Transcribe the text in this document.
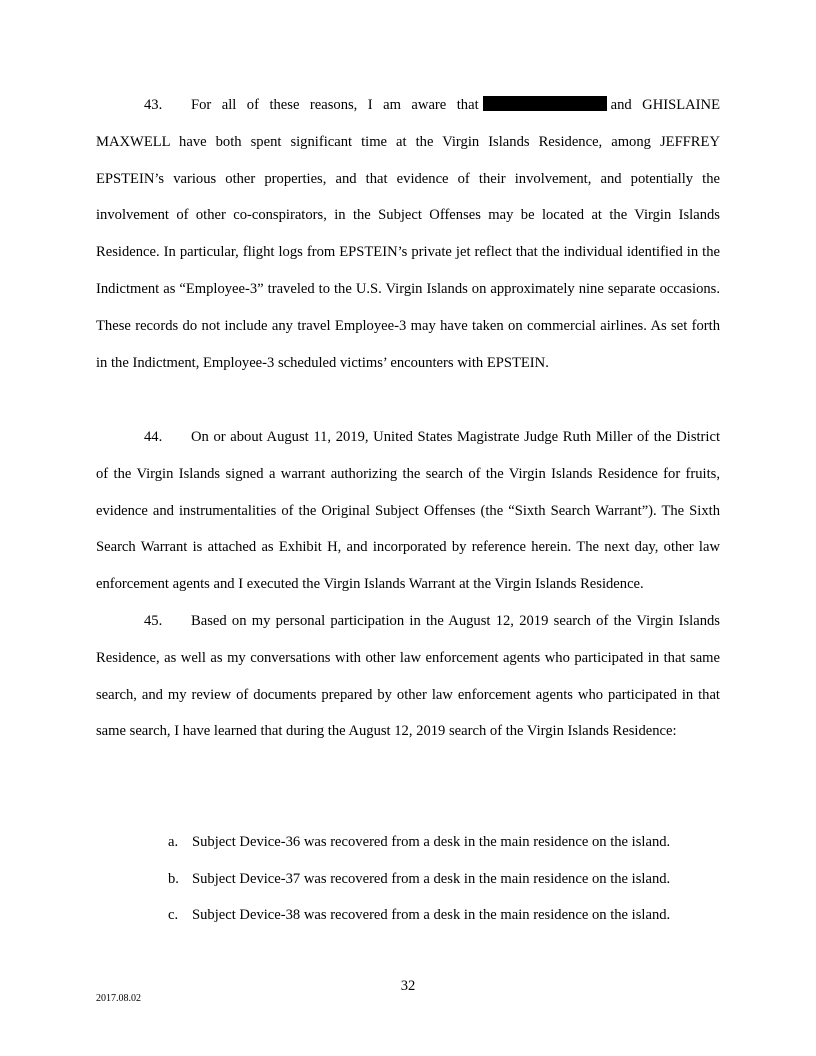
43. For all of these reasons, I am aware that	and GHISLAINE MAXWELL have both spent significant time at the Virgin Islands Residence, among JEFFREY EPSTEIN’s various other properties, and that evidence of their involvement, and potentially the involvement of other co-conspirators, in the Subject Offenses may be located at the Virgin Islands Residence. In particular, flight logs from EPSTEIN’s private jet reflect that the individual identified in the Indictment as “Employee-3” traveled to the U.S. Virgin Islands on approximately nine separate occasions. These records do not include any travel Employee-3 may have taken on commercial airlines. As set forth in the Indictment, Employee-3 scheduled victims’ encounters with EPSTEIN.

44. On or about August 11, 2019, United States Magistrate Judge Ruth Miller of the District of the Virgin Islands signed a warrant authorizing the search of the Virgin Islands Residence for fruits, evidence and instrumentalities of the Original Subject Offenses (the “Sixth Search Warrant”). The Sixth Search Warrant is attached as Exhibit H, and incorporated by reference herein. The next day, other law enforcement agents and I executed the Virgin Islands Warrant at the Virgin Islands Residence.

45. Based on my personal participation in the August 12, 2019 search of the Virgin Islands Residence, as well as my conversations with other law enforcement agents who participated in that same search, and my review of documents prepared by other law enforcement agents who participated in that same search, I have learned that during the August 12, 2019 search of the Virgin Islands Residence:

a. Subject Device-36 was recovered from a desk in the main residence on the island.

b. Subject Device-37 was recovered from a desk in the main residence on the island.

c. Subject Device-38 was recovered from a desk in the main residence on the island.

32
2017.08.02
